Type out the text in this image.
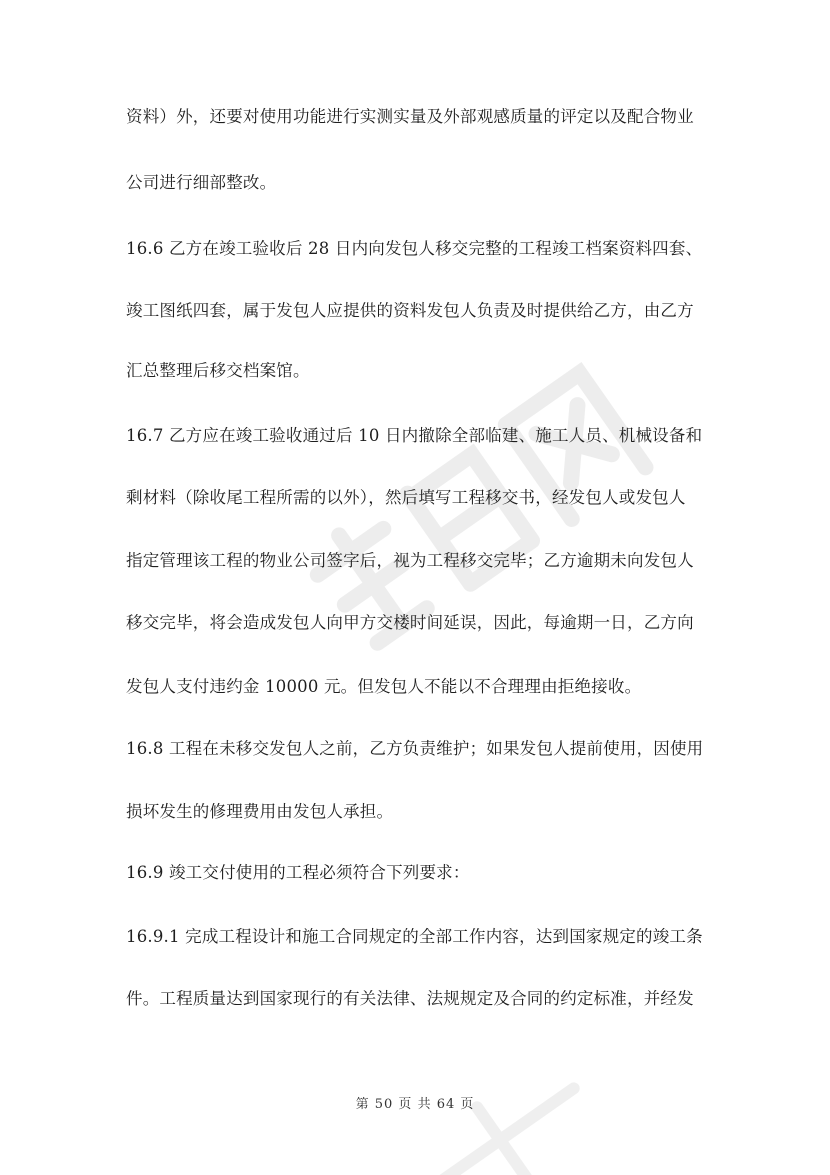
资料）外，还要对使用功能进行实测实量及外部观感质量的评定以及配合物业
公司进行细部整改。
16.6 乙方在竣工验收后 28 日内向发包人移交完整的工程竣工档案资料四套、
竣工图纸四套，属于发包人应提供的资料发包人负责及时提供给乙方，由乙方
汇总整理后移交档案馆。
16.7 乙方应在竣工验收通过后 10 日内撤除全部临建、施工人员、机械设备和
剩材料（除收尾工程所需的以外），然后填写工程移交书，经发包人或发包人
指定管理该工程的物业公司签字后，视为工程移交完毕；乙方逾期未向发包人
移交完毕，将会造成发包人向甲方交楼时间延误，因此，每逾期一日，乙方向
发包人支付违约金 10000 元。但发包人不能以不合理理由拒绝接收。
16.8 工程在未移交发包人之前，乙方负责维护；如果发包人提前使用，因使用
损坏发生的修理费用由发包人承担。
16.9 竣工交付使用的工程必须符合下列要求：
16.9.1 完成工程设计和施工合同规定的全部工作内容，达到国家规定的竣工条
件。工程质量达到国家现行的有关法律、法规规定及合同的约定标准，并经发
第 50 页 共 64 页
